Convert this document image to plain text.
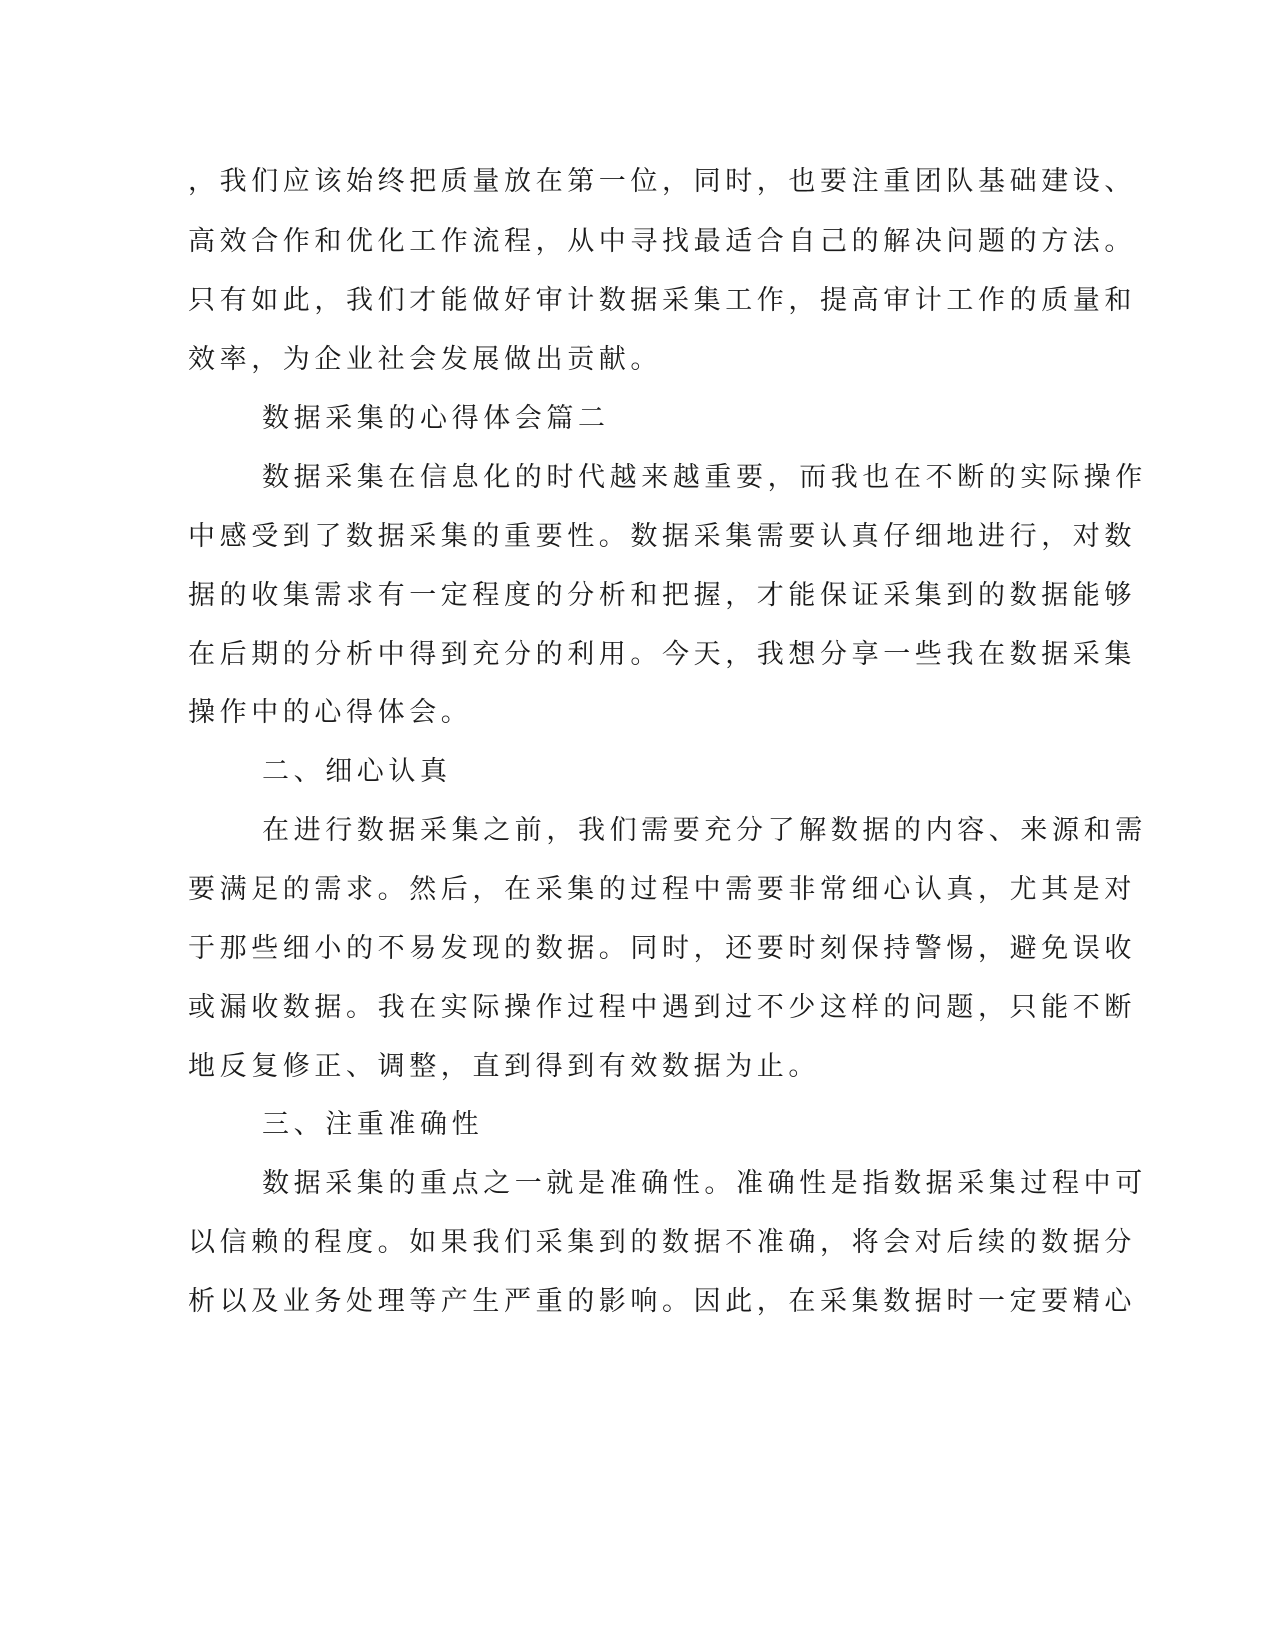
，我们应该始终把质量放在第一位，同时，也要注重团队基础建设、

高效合作和优化工作流程，从中寻找最适合自己的解决问题的方法。

只有如此，我们才能做好审计数据采集工作，提高审计工作的质量和

效率，为企业社会发展做出贡献。

数据采集的心得体会篇二

数据采集在信息化的时代越来越重要，而我也在不断的实际操作

中感受到了数据采集的重要性。数据采集需要认真仔细地进行，对数

据的收集需求有一定程度的分析和把握，才能保证采集到的数据能够

在后期的分析中得到充分的利用。今天，我想分享一些我在数据采集

操作中的心得体会。

二、细心认真

在进行数据采集之前，我们需要充分了解数据的内容、来源和需

要满足的需求。然后，在采集的过程中需要非常细心认真，尤其是对

于那些细小的不易发现的数据。同时，还要时刻保持警惕，避免误收

或漏收数据。我在实际操作过程中遇到过不少这样的问题，只能不断

地反复修正、调整，直到得到有效数据为止。

三、注重准确性

数据采集的重点之一就是准确性。准确性是指数据采集过程中可

以信赖的程度。如果我们采集到的数据不准确，将会对后续的数据分

析以及业务处理等产生严重的影响。因此，在采集数据时一定要精心
